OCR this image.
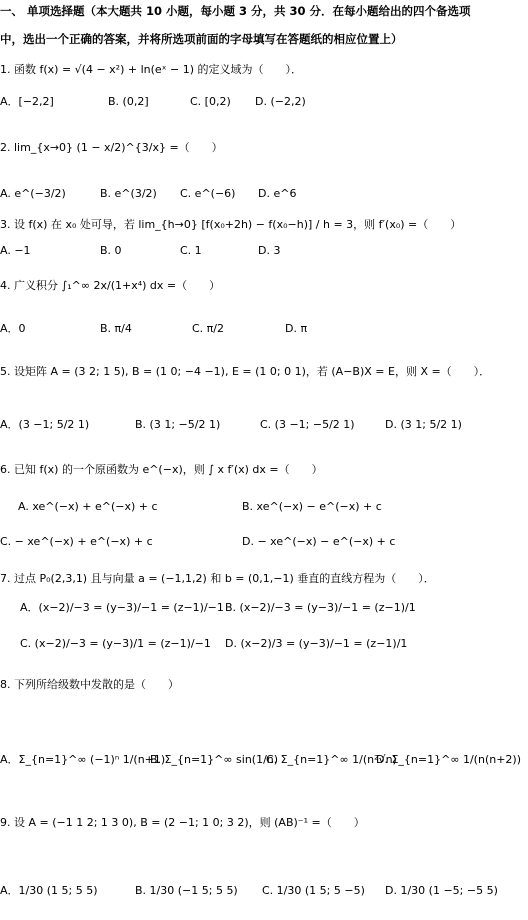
一、 单项选择题（本大题共 10 小题，每小题 3 分，共 30 分．在每小题给出的四个备选项
中，选出一个正确的答案，并将所选项前面的字母填写在答题纸的相应位置上）
1. 函数 f(x) = √(4 − x²) + ln(eˣ − 1) 的定义域为（　　）．
A．[−2,2]	B. (0,2]	C. [0,2) D. (−2,2)
2. lim_{x→0} (1 − x/2)^{3/x} =（　　）
A. e^(−3/2)	B. e^(3/2) C. e^(−6) D. e^6
3. 设 f(x) 在 x₀ 处可导，若 lim_{h→0} [f(x₀+2h) − f(x₀−h)] / h = 3，则 f′(x₀) =（　　）
A. −1	B. 0	C. 1	D. 3
4. 广义积分 ∫₁^∞ 2x/(1+x⁴) dx =（　　）
A．0	B. π/4	C. π/2	D. π
5. 设矩阵 A = (3 2; 1 5), B = (1 0; −4 −1), E = (1 0; 0 1)，若 (A−B)X = E，则 X =（　　）．
A．(3 −1; 5/2 1)	B. (3 1; −5/2 1)	C. (3 −1; −5/2 1)	D. (3 1; 5/2 1)
6. 已知 f(x) 的一个原函数为 e^(−x)，则 ∫ x f′(x) dx =（　　）
A. xe^(−x) + e^(−x) + c	B. xe^(−x) − e^(−x) + c
C. − xe^(−x) + e^(−x) + c	D. − xe^(−x) − e^(−x) + c
7. 过点 P₀(2,3,1) 且与向量 a = (−1,1,2) 和 b = (0,1,−1) 垂直的直线方程为（　　）．
A．(x−2)/−3 = (y−3)/−1 = (z−1)/−1 B. (x−2)/−3 = (y−3)/−1 = (z−1)/1
C. (x−2)/−3 = (y−3)/1 = (z−1)/−1 D. (x−2)/3 = (y−3)/−1 = (z−1)/1
8. 下列所给级数中发散的是（　　）
A．Σ_{n=1}^∞ (−1)ⁿ 1/(n+1)
B. Σ_{n=1}^∞ sin(1/n)
C. Σ_{n=1}^∞ 1/(n²√n)
D. Σ_{n=1}^∞ 1/(n(n+2))
9. 设 A = (−1 1 2; 1 3 0), B = (2 −1; 1 0; 3 2)，则 (AB)⁻¹ =（　　）
A．1/30 (1 5; 5 5)	B. 1/30 (−1 5; 5 5) C. 1/30 (1 5; 5 −5) D. 1/30 (1 −5; −5 5)
